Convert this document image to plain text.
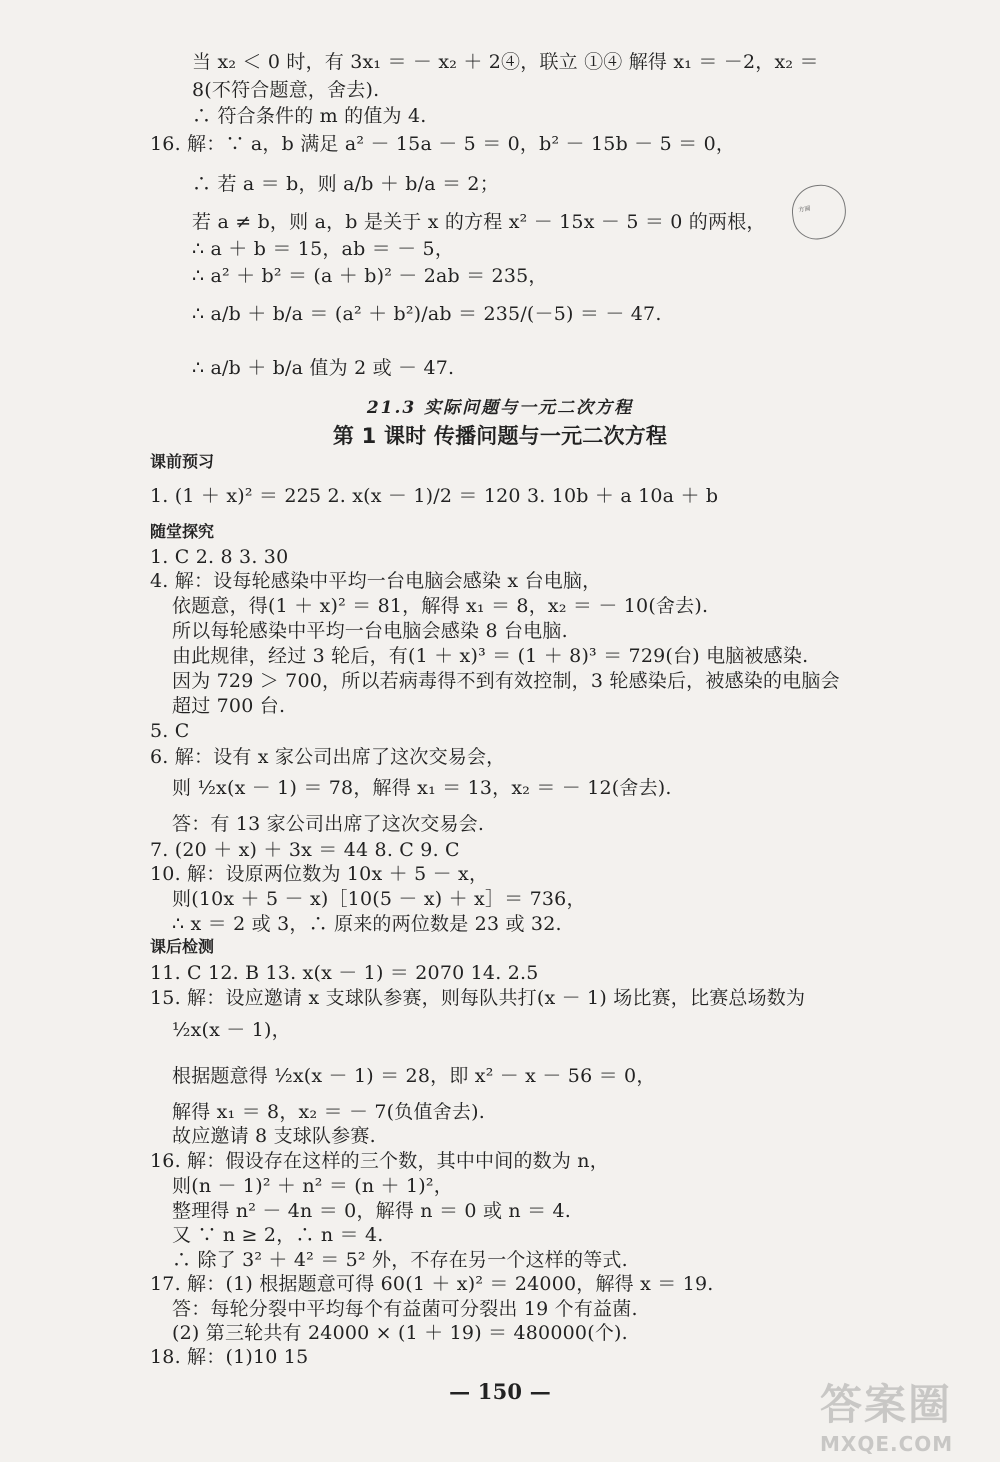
当 x₂ ＜ 0 时，有 3x₁ ＝ － x₂ ＋ 2④，联立 ①④ 解得 x₁ ＝ －2，x₂ ＝
8(不符合题意，舍去).
∴ 符合条件的 m 的值为 4.
16. 解：∵ a，b 满足 a² － 15a － 5 ＝ 0，b² － 15b － 5 ＝ 0，
∴ 若 a ＝ b，则 a/b ＋ b/a ＝ 2；
若 a ≠ b，则 a，b 是关于 x 的方程 x² － 15x － 5 ＝ 0 的两根，
∴ a ＋ b ＝ 15，ab ＝ － 5，
∴ a² ＋ b² ＝ (a ＋ b)² － 2ab ＝ 235，
∴ a/b ＋ b/a ＝ (a² ＋ b²)/ab ＝ 235/(－5) ＝ － 47.
∴ a/b ＋ b/a 值为 2 或 － 47.
1. (1 ＋ x)² ＝ 225 2. x(x － 1)/2 ＝ 120 3. 10b ＋ a 10a ＋ b
1. C 2. 8 3. 30
4. 解：设每轮感染中平均一台电脑会感染 x 台电脑，
依题意，得(1 ＋ x)² ＝ 81，解得 x₁ ＝ 8，x₂ ＝ － 10(舍去).
所以每轮感染中平均一台电脑会感染 8 台电脑.
由此规律，经过 3 轮后，有(1 ＋ x)³ ＝ (1 ＋ 8)³ ＝ 729(台) 电脑被感染.
因为 729 ＞ 700，所以若病毒得不到有效控制，3 轮感染后，被感染的电脑会
超过 700 台.
5. C
6. 解：设有 x 家公司出席了这次交易会，
则 ½x(x － 1) ＝ 78，解得 x₁ ＝ 13，x₂ ＝ － 12(舍去).
答：有 13 家公司出席了这次交易会.
7. (20 ＋ x) ＋ 3x ＝ 44 8. C 9. C
10. 解：设原两位数为 10x ＋ 5 － x，
则(10x ＋ 5 － x)［10(5 － x) ＋ x］＝ 736，
∴ x ＝ 2 或 3，∴ 原来的两位数是 23 或 32.
11. C 12. B 13. x(x － 1) ＝ 2070 14. 2.5
15. 解：设应邀请 x 支球队参赛，则每队共打(x － 1) 场比赛，比赛总场数为
½x(x － 1)，
根据题意得 ½x(x － 1) ＝ 28，即 x² － x － 56 ＝ 0，
解得 x₁ ＝ 8，x₂ ＝ － 7(负值舍去).
故应邀请 8 支球队参赛.
16. 解：假设存在这样的三个数，其中中间的数为 n，
则(n － 1)² ＋ n² ＝ (n ＋ 1)²，
整理得 n² － 4n ＝ 0，解得 n ＝ 0 或 n ＝ 4.
又 ∵ n ≥ 2，∴ n ＝ 4.
∴ 除了 3² ＋ 4² ＝ 5² 外，不存在另一个这样的等式.
17. 解：(1) 根据题意可得 60(1 ＋ x)² ＝ 24000，解得 x ＝ 19.
答：每轮分裂中平均每个有益菌可分裂出 19 个有益菌.
(2) 第三轮共有 24000 × (1 ＋ 19) ＝ 480000(个).
18. 解：(1)10 15
课前预习
随堂探究
课后检测
21.3 实际问题与一元二次方程
第 1 课时 传播问题与一元二次方程
— 150 —
方圆
答案圈
MXQE.COM
